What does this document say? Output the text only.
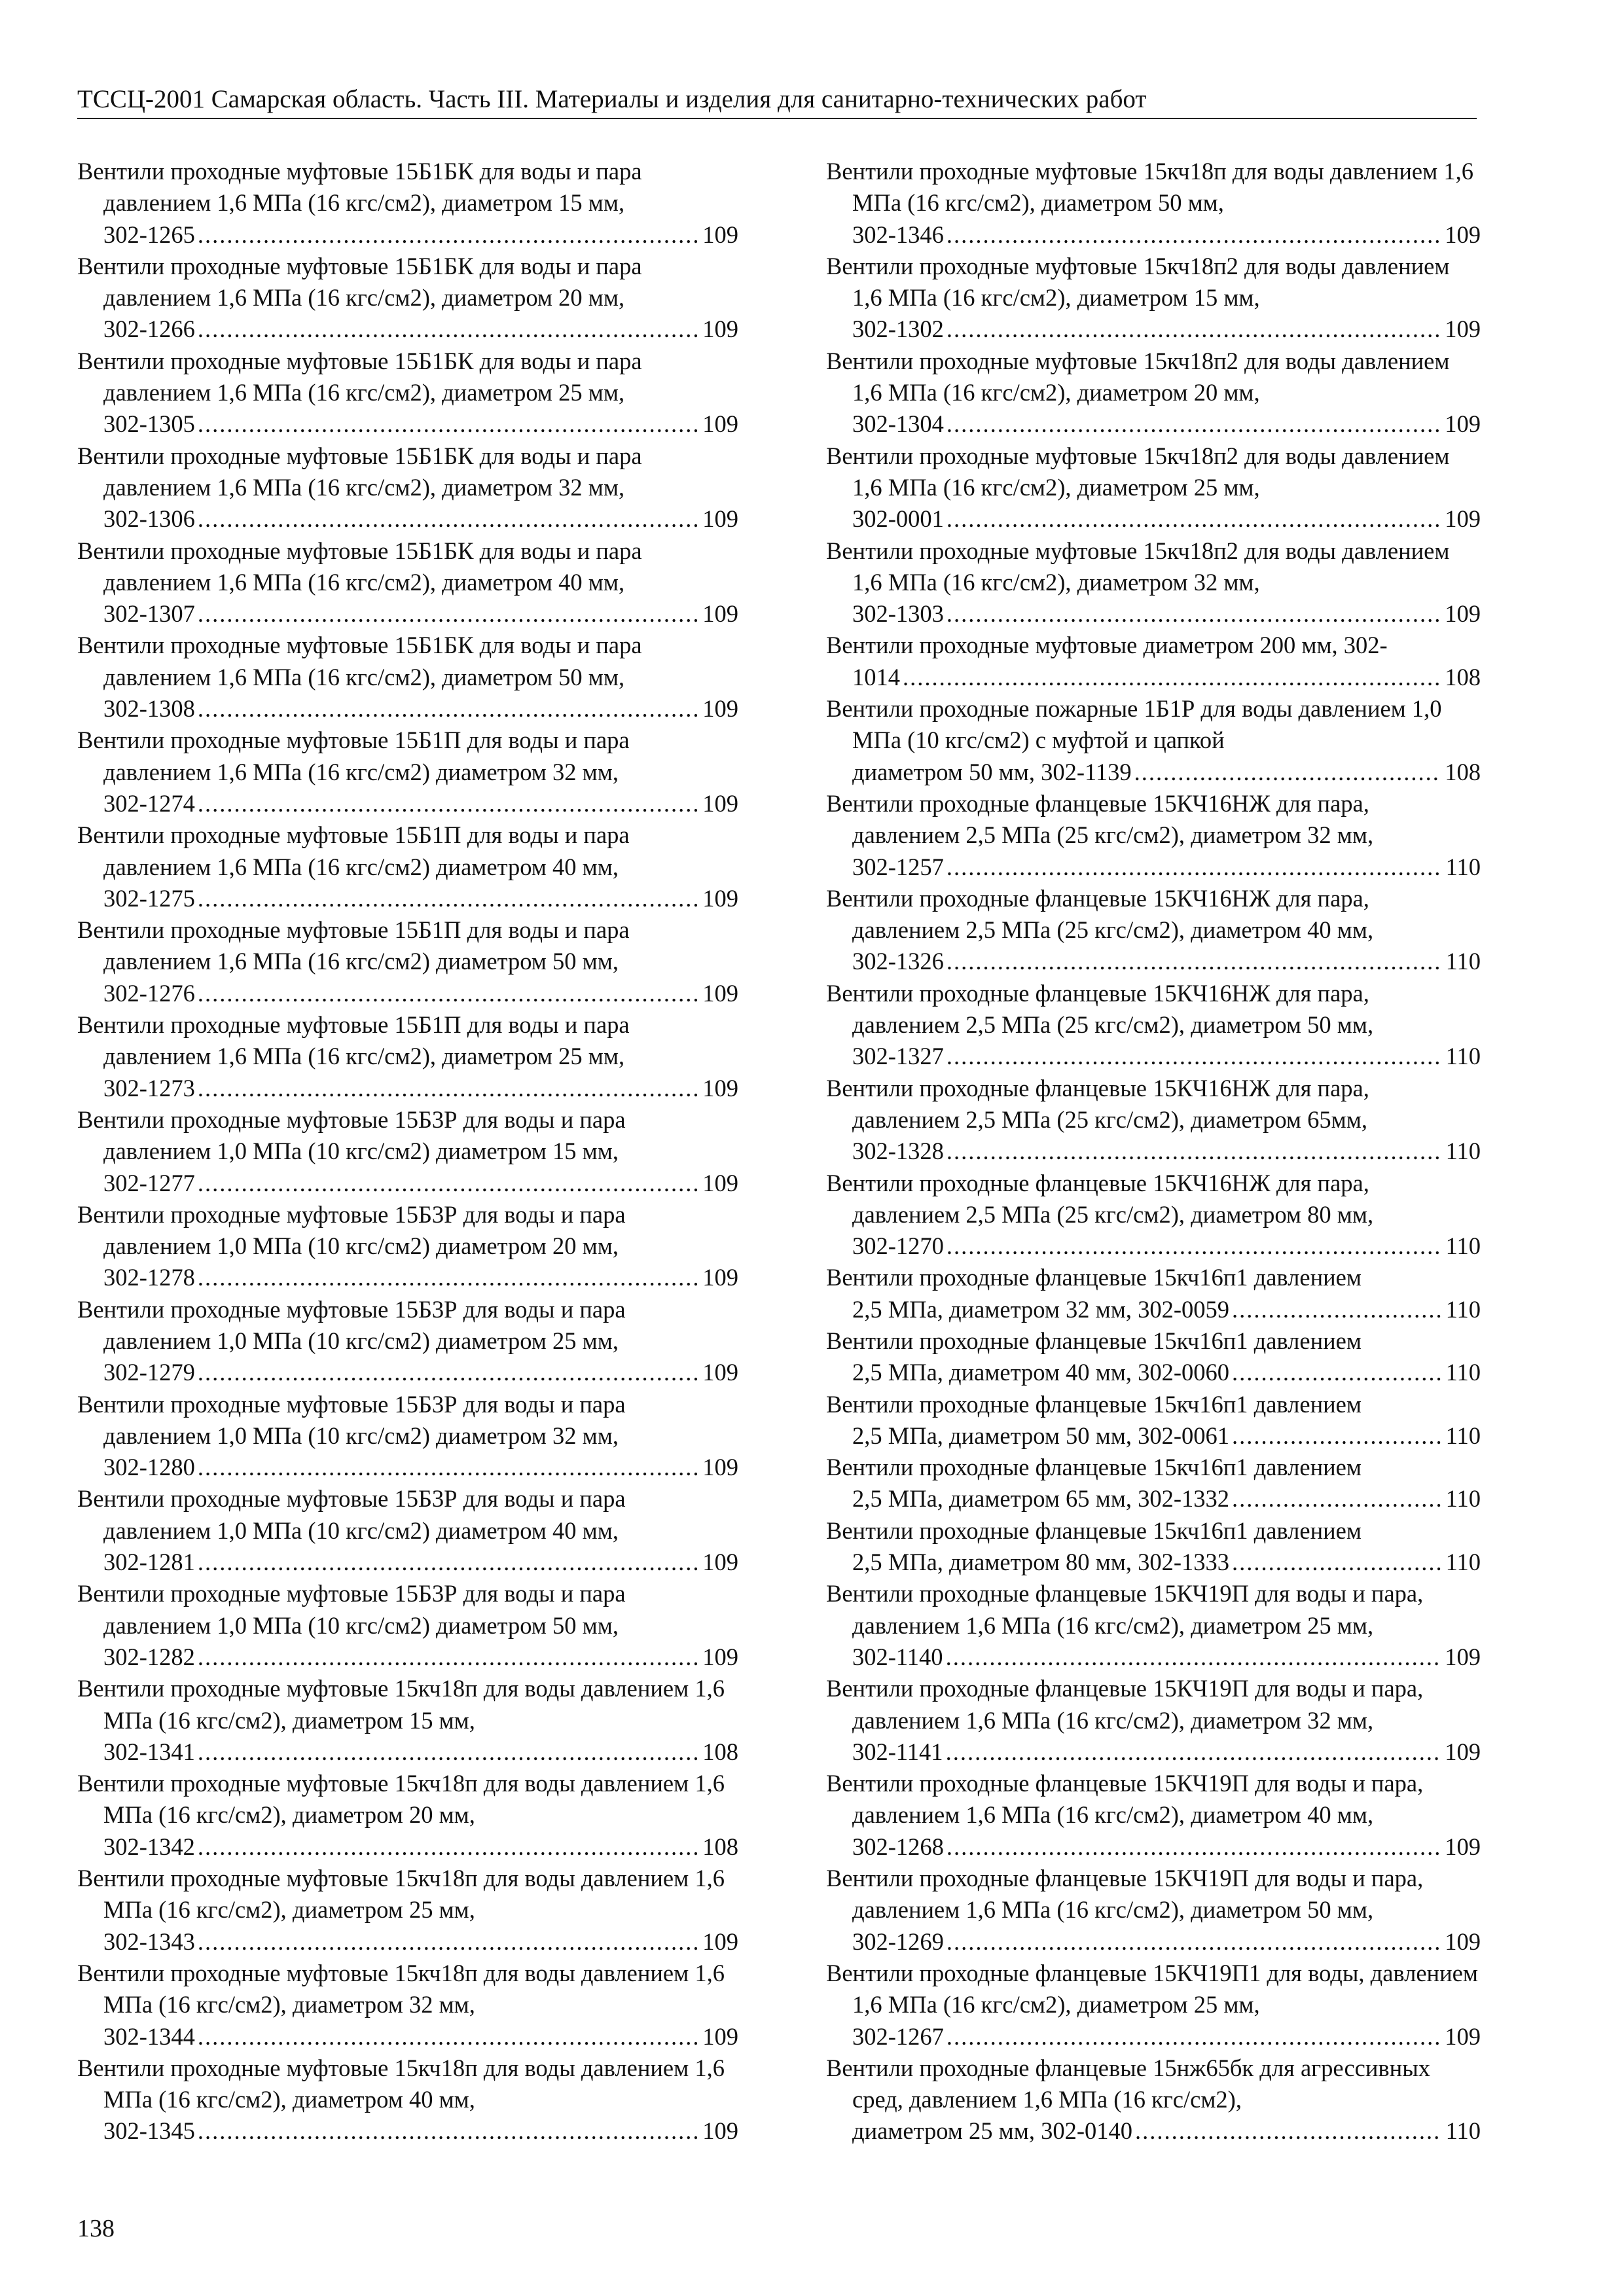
ТССЦ-2001 Самарская область. Часть III. Материалы и изделия для санитарно-технических работ
Вентили проходные муфтовые 15Б1БК для воды и пара давлением 1,6 МПа (16 кгс/см2), диаметром 15 мм,
302-1265 .....	109
Вентили проходные муфтовые 15Б1БК для воды и пара давлением 1,6 МПа (16 кгс/см2), диаметром 20 мм,
302-1266 .....	109
Вентили проходные муфтовые 15Б1БК для воды и пара давлением 1,6 МПа (16 кгс/см2), диаметром 25 мм,
302-1305 .....	109
Вентили проходные муфтовые 15Б1БК для воды и пара давлением 1,6 МПа (16 кгс/см2), диаметром 32 мм,
302-1306 .....	109
Вентили проходные муфтовые 15Б1БК для воды и пара давлением 1,6 МПа (16 кгс/см2), диаметром 40 мм,
302-1307 .....	109
Вентили проходные муфтовые 15Б1БК для воды и пара давлением 1,6 МПа (16 кгс/см2), диаметром 50 мм,
302-1308 .....	109
Вентили проходные муфтовые 15Б1П для воды и пара давлением 1,6 МПа (16 кгс/см2) диаметром 32 мм,
302-1274 .....	109
Вентили проходные муфтовые 15Б1П для воды и пара давлением 1,6 МПа (16 кгс/см2) диаметром 40 мм,
302-1275 .....	109
Вентили проходные муфтовые 15Б1П для воды и пара давлением 1,6 МПа (16 кгс/см2) диаметром 50 мм,
302-1276 .....	109
Вентили проходные муфтовые 15Б1П для воды и пара давлением 1,6 МПа (16 кгс/см2), диаметром 25 мм,
302-1273 .....	109
Вентили проходные муфтовые 15Б3Р для воды и пара давлением 1,0 МПа (10 кгс/см2) диаметром 15 мм,
302-1277 .....	109
Вентили проходные муфтовые 15Б3Р для воды и пара давлением 1,0 МПа (10 кгс/см2) диаметром 20 мм,
302-1278 .....	109
Вентили проходные муфтовые 15Б3Р для воды и пара давлением 1,0 МПа (10 кгс/см2) диаметром 25 мм,
302-1279 .....	109
Вентили проходные муфтовые 15Б3Р для воды и пара давлением 1,0 МПа (10 кгс/см2) диаметром 32 мм,
302-1280 .....	109
Вентили проходные муфтовые 15Б3Р для воды и пара давлением 1,0 МПа (10 кгс/см2) диаметром 40 мм,
302-1281 .....	109
Вентили проходные муфтовые 15Б3Р для воды и пара давлением 1,0 МПа (10 кгс/см2) диаметром 50 мм,
302-1282 .....	109
Вентили проходные муфтовые 15кч18п для воды давлением 1,6 МПа (16 кгс/см2), диаметром 15 мм,
302-1341 .....	108
Вентили проходные муфтовые 15кч18п для воды давлением 1,6 МПа (16 кгс/см2), диаметром 20 мм,
302-1342 .....	108
Вентили проходные муфтовые 15кч18п для воды давлением 1,6 МПа (16 кгс/см2), диаметром 25 мм,
302-1343 .....	109
Вентили проходные муфтовые 15кч18п для воды давлением 1,6 МПа (16 кгс/см2), диаметром 32 мм,
302-1344 .....	109
Вентили проходные муфтовые 15кч18п для воды давлением 1,6 МПа (16 кгс/см2), диаметром 40 мм,
302-1345 .....	109
Вентили проходные муфтовые 15кч18п для воды давлением 1,6 МПа (16 кгс/см2), диаметром 50 мм,
302-1346 .....	109
Вентили проходные муфтовые 15кч18п2 для воды давлением 1,6 МПа (16 кгс/см2), диаметром 15 мм,
302-1302 .....	109
Вентили проходные муфтовые 15кч18п2 для воды давлением 1,6 МПа (16 кгс/см2), диаметром 20 мм,
302-1304 .....	109
Вентили проходные муфтовые 15кч18п2 для воды давлением 1,6 МПа (16 кгс/см2), диаметром 25 мм,
302-0001 .....	109
Вентили проходные муфтовые 15кч18п2 для воды давлением 1,6 МПа (16 кгс/см2), диаметром 32 мм,
302-1303 .....	109
Вентили проходные муфтовые диаметром 200 мм, 302-
1014 .....	108
Вентили проходные пожарные 1Б1Р для воды давлением 1,0 МПа (10 кгс/см2) с муфтой и цапкой
диаметром 50 мм, 302-1139 .....	108
Вентили проходные фланцевые 15КЧ16НЖ для пара, давлением 2,5 МПа (25 кгс/см2), диаметром 32 мм,
302-1257 .....	110
Вентили проходные фланцевые 15КЧ16НЖ для пара, давлением 2,5 МПа (25 кгс/см2), диаметром 40 мм,
302-1326 .....	110
Вентили проходные фланцевые 15КЧ16НЖ для пара, давлением 2,5 МПа (25 кгс/см2), диаметром 50 мм,
302-1327 .....	110
Вентили проходные фланцевые 15КЧ16НЖ для пара, давлением 2,5 МПа (25 кгс/см2), диаметром 65мм,
302-1328 .....	110
Вентили проходные фланцевые 15КЧ16НЖ для пара, давлением 2,5 МПа (25 кгс/см2), диаметром 80 мм,
302-1270 .....	110
Вентили проходные фланцевые 15кч16п1 давлением
2,5 МПа, диаметром 32 мм, 302-0059 .....	110
Вентили проходные фланцевые 15кч16п1 давлением
2,5 МПа, диаметром 40 мм, 302-0060 .....	110
Вентили проходные фланцевые 15кч16п1 давлением
2,5 МПа, диаметром 50 мм, 302-0061 .....	110
Вентили проходные фланцевые 15кч16п1 давлением
2,5 МПа, диаметром 65 мм, 302-1332 .....	110
Вентили проходные фланцевые 15кч16п1 давлением
2,5 МПа, диаметром 80 мм, 302-1333 .....	110
Вентили проходные фланцевые 15КЧ19П для воды и пара, давлением 1,6 МПа (16 кгс/см2), диаметром 25 мм,
302-1140 .....	109
Вентили проходные фланцевые 15КЧ19П для воды и пара, давлением 1,6 МПа (16 кгс/см2), диаметром 32 мм,
302-1141 .....	109
Вентили проходные фланцевые 15КЧ19П для воды и пара, давлением 1,6 МПа (16 кгс/см2), диаметром 40 мм,
302-1268 .....	109
Вентили проходные фланцевые 15КЧ19П для воды и пара, давлением 1,6 МПа (16 кгс/см2), диаметром 50 мм,
302-1269 .....	109
Вентили проходные фланцевые 15КЧ19П1 для воды, давлением 1,6 МПа (16 кгс/см2), диаметром 25 мм,
302-1267 .....	109
Вентили проходные фланцевые 15нж65бк для агрессивных сред, давлением 1,6 МПа (16 кгс/см2),
диаметром 25 мм, 302-0140 .....	110
138
